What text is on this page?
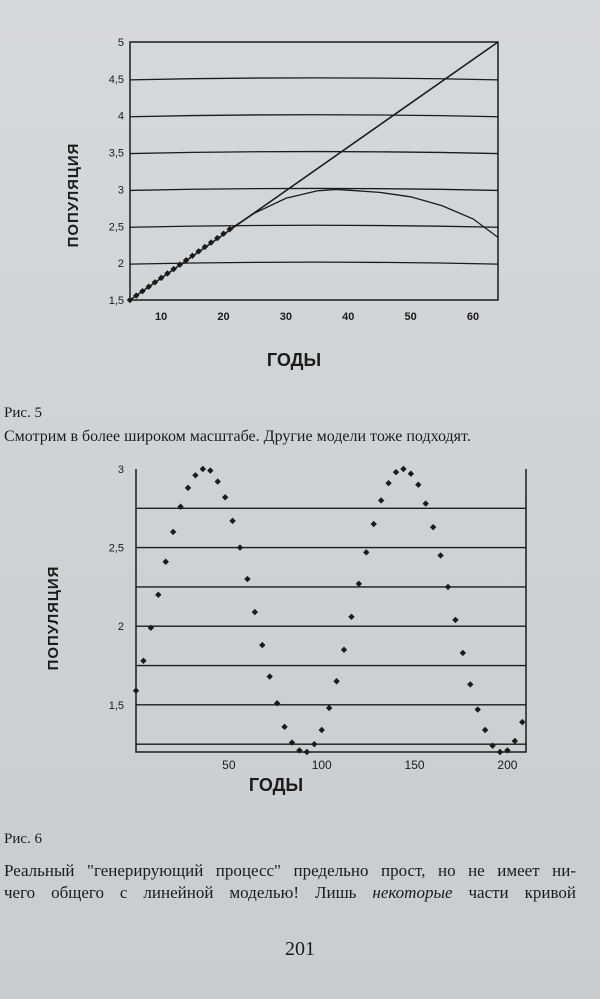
1,5
2
2,5
3
3,5
4
4,5
5
10	20	30	40	50	60
ПОПУЛЯЦИЯ
ГОДЫ
Рис. 5
Смотрим в более широком масштабе. Другие модели тоже подходят.
1,5
2
2,5
3
50	100	150	200
ПОПУЛЯЦИЯ
ГОДЫ
Рис. 6
Реальный "генерирующий процесс" предельно прост, но не имеет ни-
чего общего с линейной моделью! Лишь некоторые части кривой
201
